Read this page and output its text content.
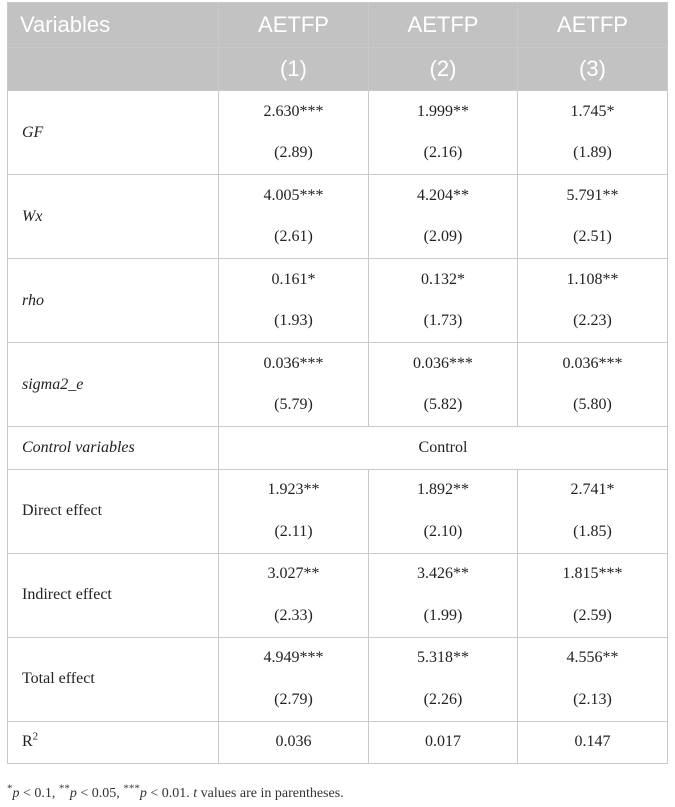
Variables	AETFP	AETFP	AETFP
	(1)	(2)	(3)
GF	2.630***	1.999**	1.745*
	(2.89)	(2.16)	(1.89)
Wx	4.005***	4.204**	5.791**
	(2.61)	(2.09)	(2.51)
rho	0.161*	0.132*	1.108**
	(1.93)	(1.73)	(2.23)
sigma2_e	0.036***	0.036***	0.036***
	(5.79)	(5.82)	(5.80)
Control variables	Control		
Direct effect	1.923**	1.892**	2.741*
	(2.11)	(2.10)	(1.85)
Indirect effect	3.027**	3.426**	1.815***
	(2.33)	(1.99)	(2.59)
Total effect	4.949***	5.318**	4.556**
	(2.79)	(2.26)	(2.13)
$R^2$	0.036	0.017	0.147
*p < 0.1, **p < 0.05, ***p < 0.01. t values are in parentheses.
